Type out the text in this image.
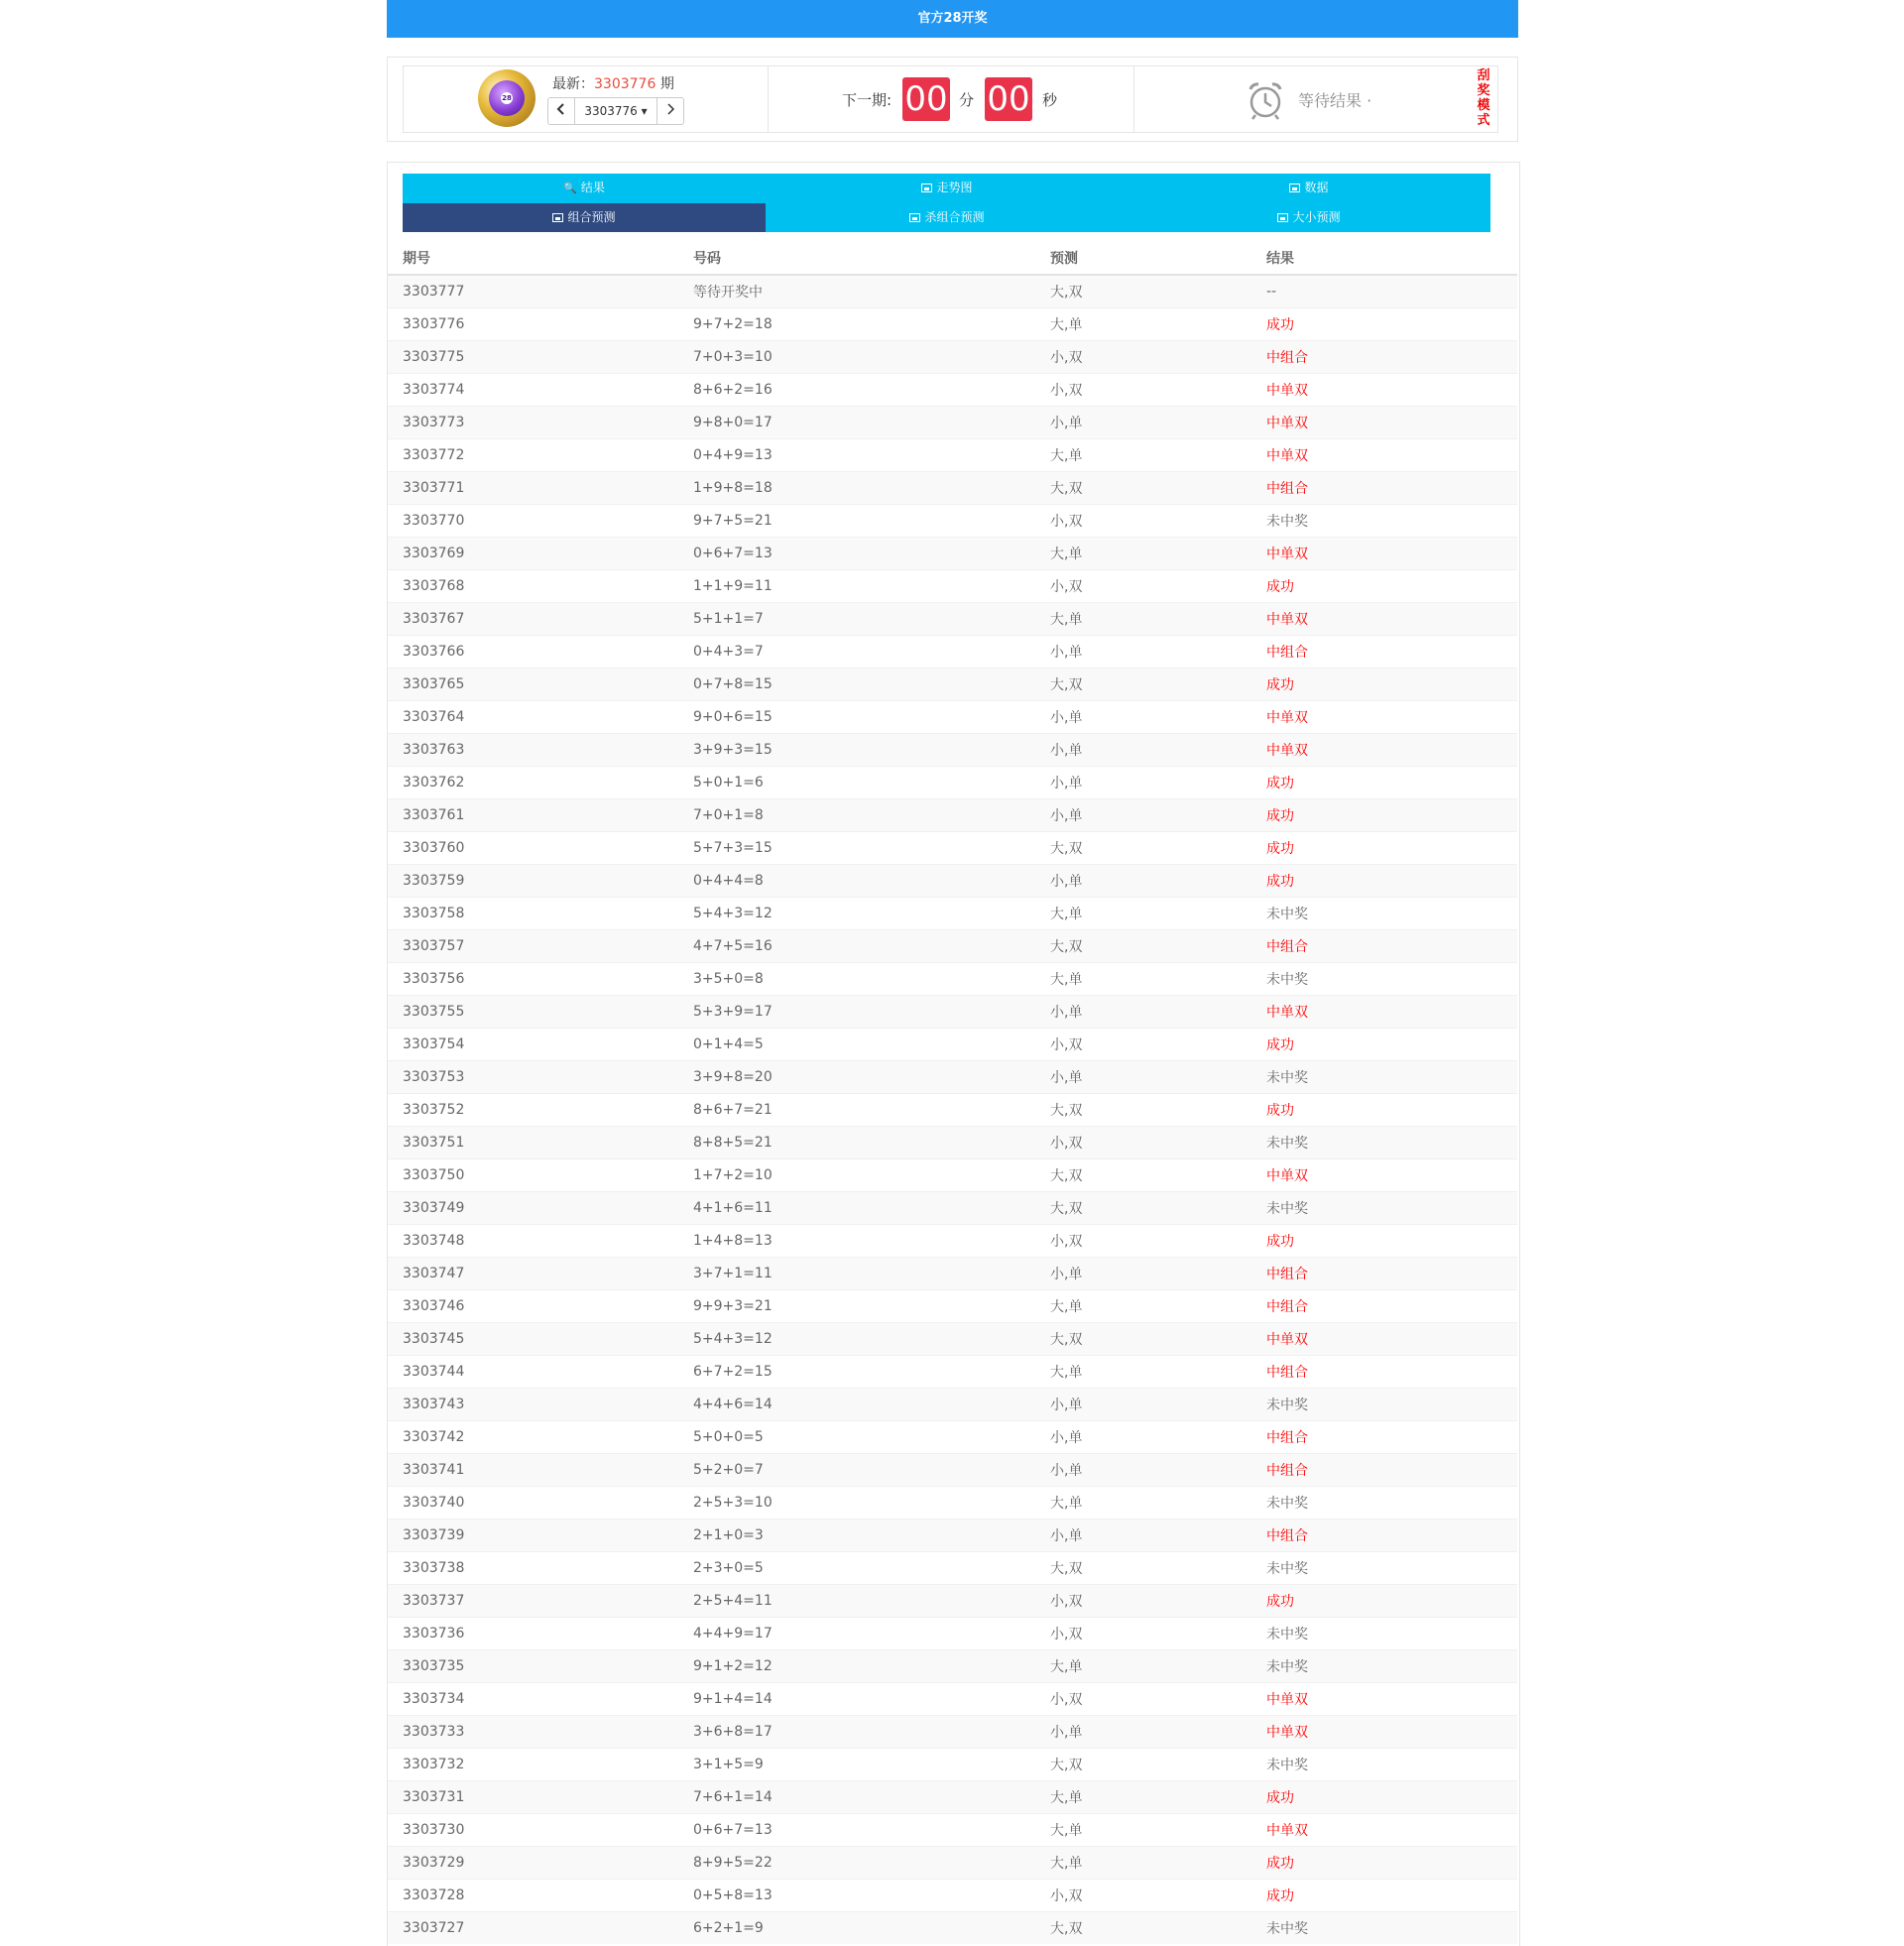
官方28开奖
28
最新：3303776 期
3303776 ▾
下一期: 00 分 00 秒	等待结果 ·
刮奖模式
🔍 结果	走势图	数据
组合预测	杀组合预测	大小预测
期号	号码	预测	结果
3303777	等待开奖中	大,双	--
3303776	9+7+2=18	大,单	成功
3303775	7+0+3=10	小,双	中组合
3303774	8+6+2=16	小,双	中单双
3303773	9+8+0=17	小,单	中单双
3303772	0+4+9=13	大,单	中单双
3303771	1+9+8=18	大,双	中组合
3303770	9+7+5=21	小,双	未中奖
3303769	0+6+7=13	大,单	中单双
3303768	1+1+9=11	小,双	成功
3303767	5+1+1=7	大,单	中单双
3303766	0+4+3=7	小,单	中组合
3303765	0+7+8=15	大,双	成功
3303764	9+0+6=15	小,单	中单双
3303763	3+9+3=15	小,单	中单双
3303762	5+0+1=6	小,单	成功
3303761	7+0+1=8	小,单	成功
3303760	5+7+3=15	大,双	成功
3303759	0+4+4=8	小,单	成功
3303758	5+4+3=12	大,单	未中奖
3303757	4+7+5=16	大,双	中组合
3303756	3+5+0=8	大,单	未中奖
3303755	5+3+9=17	小,单	中单双
3303754	0+1+4=5	小,双	成功
3303753	3+9+8=20	小,单	未中奖
3303752	8+6+7=21	大,双	成功
3303751	8+8+5=21	小,双	未中奖
3303750	1+7+2=10	大,双	中单双
3303749	4+1+6=11	大,双	未中奖
3303748	1+4+8=13	小,双	成功
3303747	3+7+1=11	小,单	中组合
3303746	9+9+3=21	大,单	中组合
3303745	5+4+3=12	大,双	中单双
3303744	6+7+2=15	大,单	中组合
3303743	4+4+6=14	小,单	未中奖
3303742	5+0+0=5	小,单	中组合
3303741	5+2+0=7	小,单	中组合
3303740	2+5+3=10	大,单	未中奖
3303739	2+1+0=3	小,单	中组合
3303738	2+3+0=5	大,双	未中奖
3303737	2+5+4=11	小,双	成功
3303736	4+4+9=17	小,双	未中奖
3303735	9+1+2=12	大,单	未中奖
3303734	9+1+4=14	小,双	中单双
3303733	3+6+8=17	小,单	中单双
3303732	3+1+5=9	大,双	未中奖
3303731	7+6+1=14	大,单	成功
3303730	0+6+7=13	大,单	中单双
3303729	8+9+5=22	大,单	成功
3303728	0+5+8=13	小,双	成功
3303727	6+2+1=9	大,双	未中奖
